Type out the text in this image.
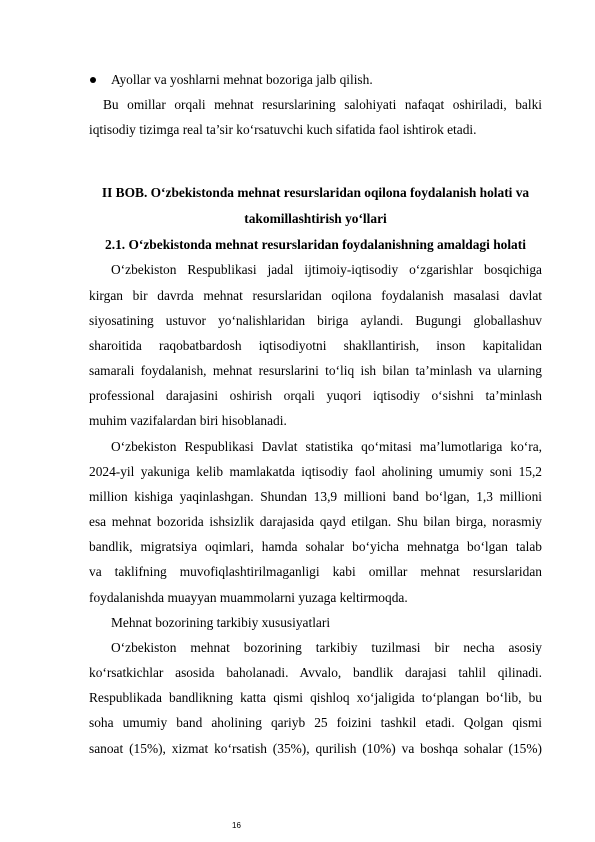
Ayollar va yoshlarni mehnat bozoriga jalb qilish.
Bu omillar orqali mehnat resurslarining salohiyati nafaqat oshiriladi, balki
iqtisodiy tizimga real ta’sir ko‘rsatuvchi kuch sifatida faol ishtirok etadi.
II BOB. O‘zbekistonda mehnat resurslaridan oqilona foydalanish holati va
takomillashtirish yo‘llari
2.1. O‘zbekistonda mehnat resurslaridan foydalanishning amaldagi holati
O‘zbekiston Respublikasi jadal ijtimoiy-iqtisodiy o‘zgarishlar bosqichiga
kirgan bir davrda mehnat resurslaridan oqilona foydalanish masalasi davlat
siyosatining ustuvor yo‘nalishlaridan biriga aylandi. Bugungi globallashuv
sharoitida raqobatbardosh iqtisodiyotni shakllantirish, inson kapitalidan
samarali foydalanish, mehnat resurslarini to‘liq ish bilan ta’minlash va ularning
professional darajasini oshirish orqali yuqori iqtisodiy o‘sishni ta’minlash
muhim vazifalardan biri hisoblanadi.
O‘zbekiston Respublikasi Davlat statistika qo‘mitasi ma’lumotlariga ko‘ra,
2024-yil yakuniga kelib mamlakatda iqtisodiy faol aholining umumiy soni 15,2
million kishiga yaqinlashgan. Shundan 13,9 millioni band bo‘lgan, 1,3 millioni
esa mehnat bozorida ishsizlik darajasida qayd etilgan. Shu bilan birga, norasmiy
bandlik, migratsiya oqimlari, hamda sohalar bo‘yicha mehnatga bo‘lgan talab
va taklifning muvofiqlashtirilmaganligi kabi omillar mehnat resurslaridan
foydalanishda muayyan muammolarni yuzaga keltirmoqda.
Mehnat bozorining tarkibiy xususiyatlari
O‘zbekiston mehnat bozorining tarkibiy tuzilmasi bir necha asosiy
ko‘rsatkichlar asosida baholanadi. Avvalo, bandlik darajasi tahlil qilinadi.
Respublikada bandlikning katta qismi qishloq xo‘jaligida to‘plangan bo‘lib, bu
soha umumiy band aholining qariyb 25 foizini tashkil etadi. Qolgan qismi
sanoat (15%), xizmat ko‘rsatish (35%), qurilish (10%) va boshqa sohalar (15%)
16
